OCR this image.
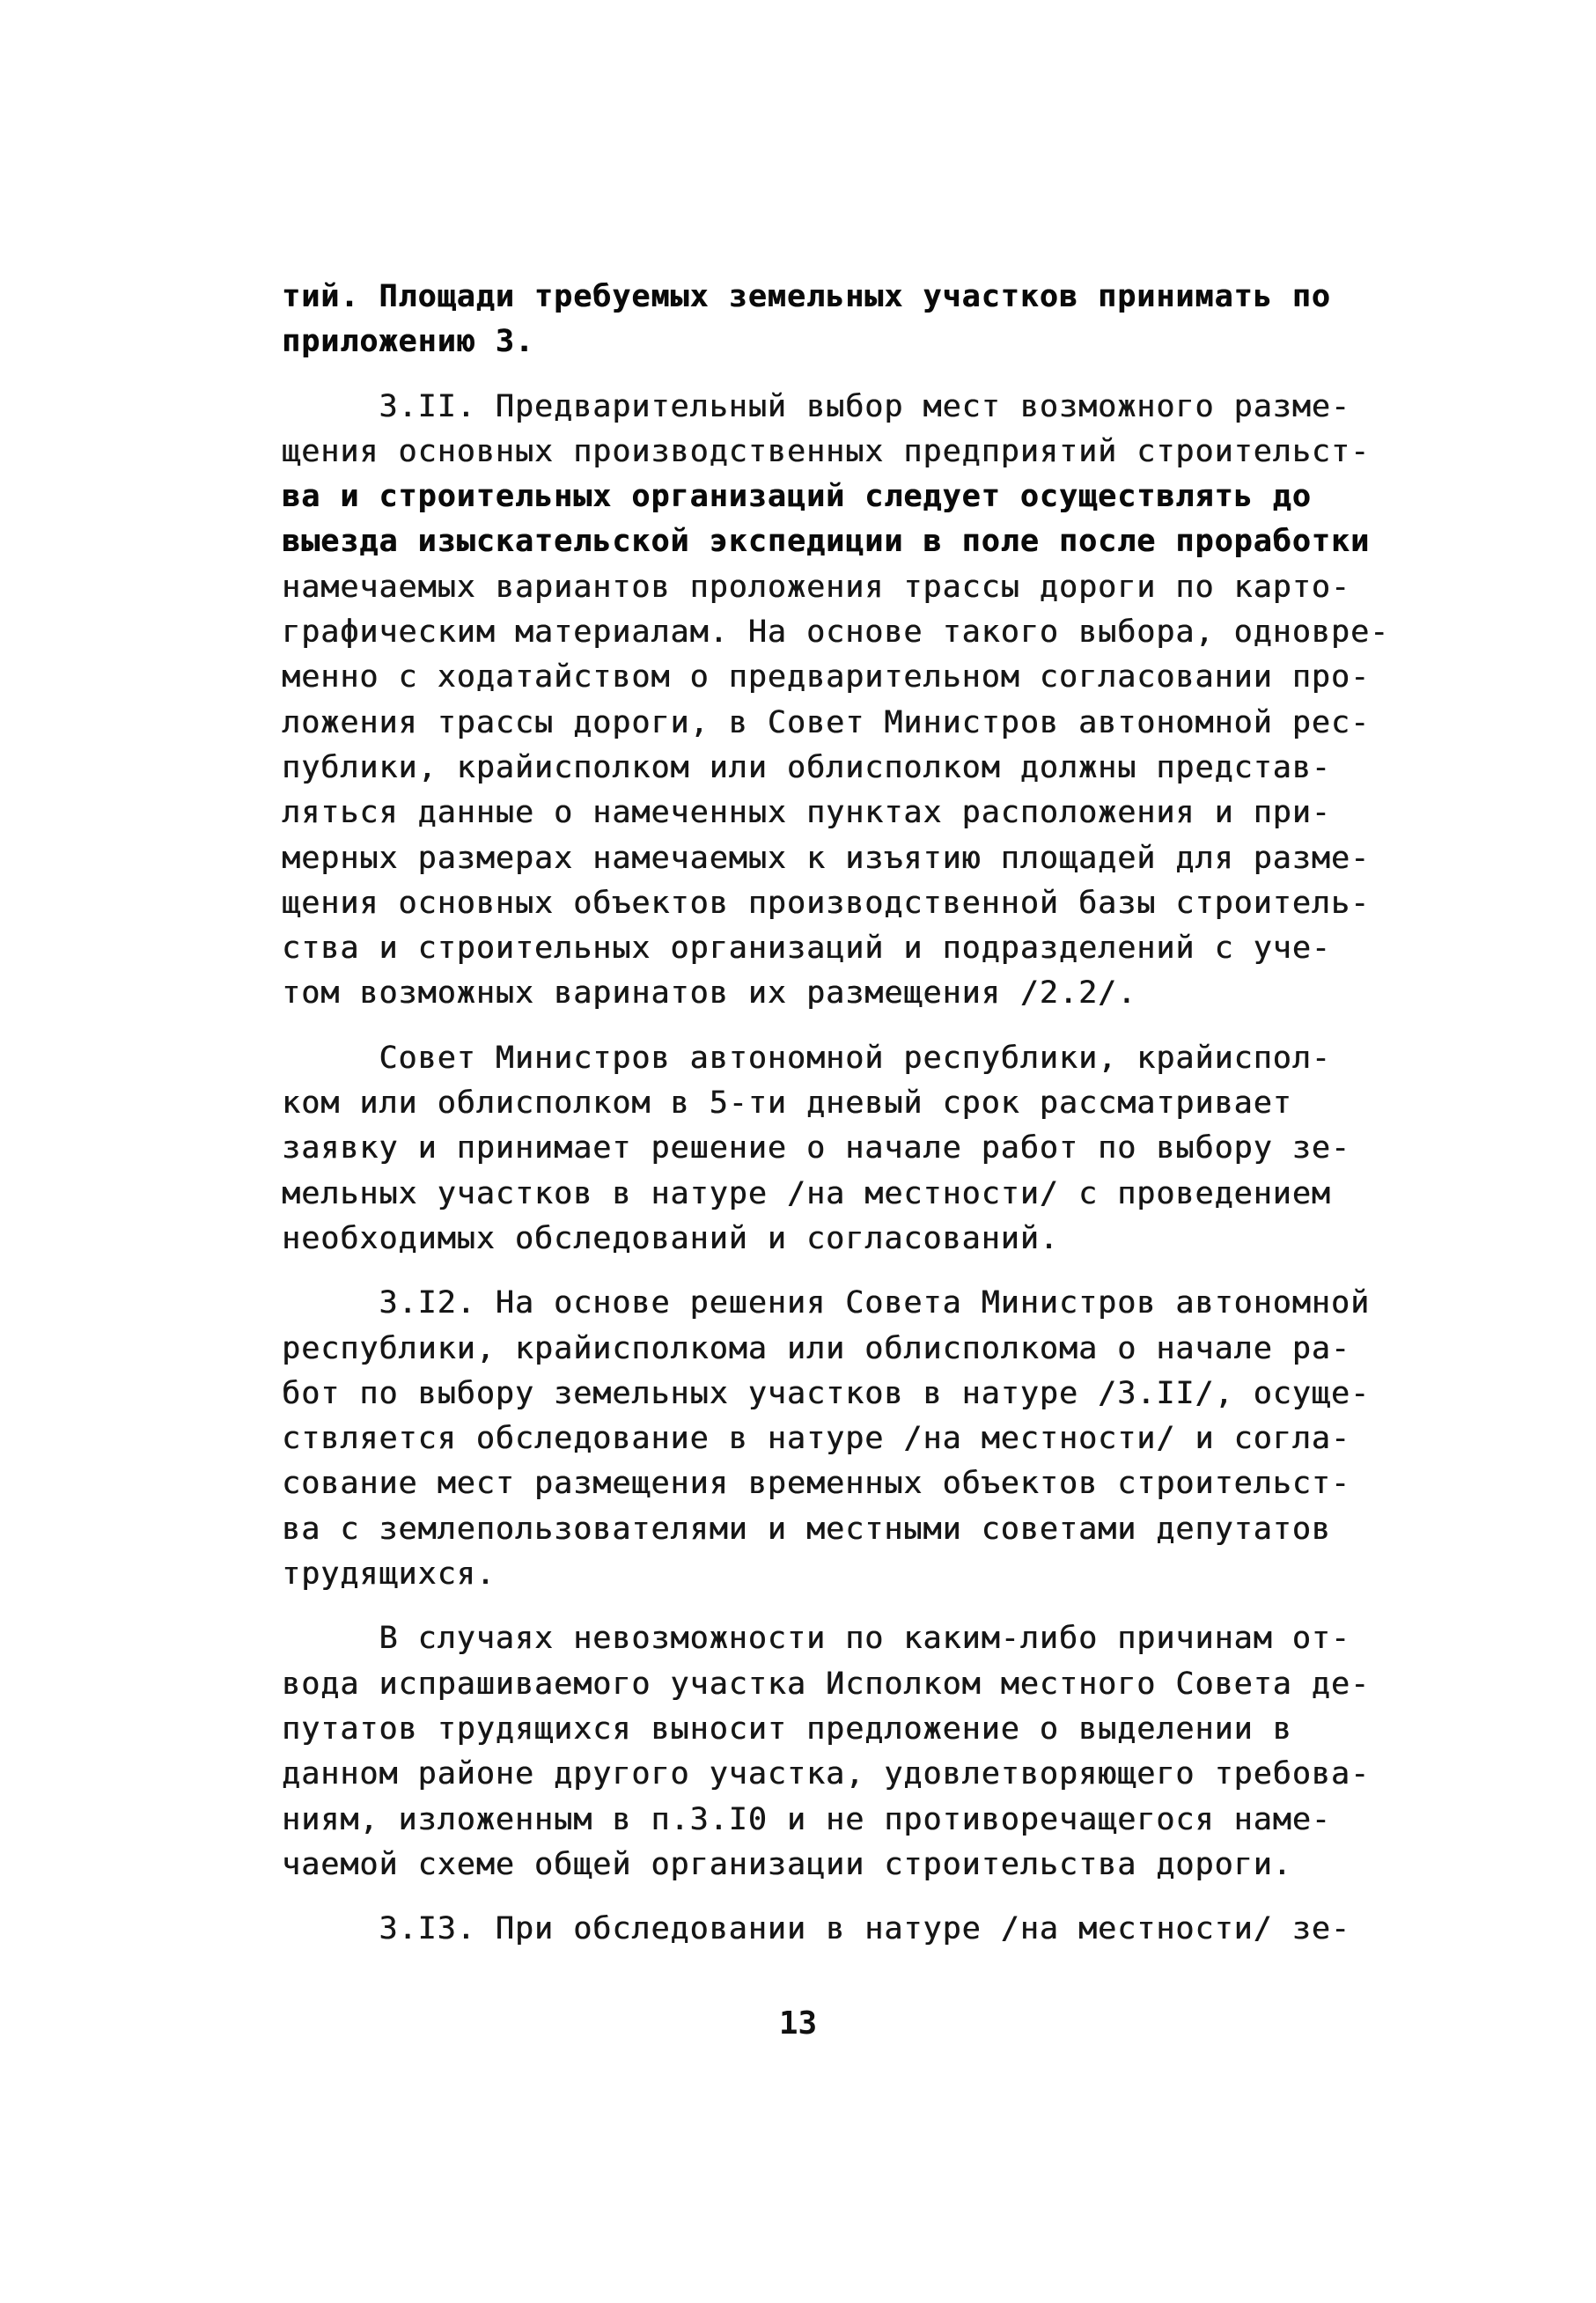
тий. Площади требуемых земельных участков принимать по
приложению 3.
3.II. Предварительный выбор мест возможного разме-
щения основных производственных предприятий строительст-
ва и строительных организаций следует осуществлять до
выезда изыскательской экспедиции в поле после проработки
намечаемых вариантов проложения трассы дороги по карто-
графическим материалам. На основе такого выбора, одновре-
менно с ходатайством о предварительном согласовании про-
ложения трассы дороги, в Совет Министров автономной рес-
публики, крайисполком или облисполком должны представ-
ляться данные о намеченных пунктах расположения и при-
мерных размерах намечаемых к изъятию площадей для разме-
щения основных объектов производственной базы строитель-
ства и строительных организаций и подразделений с уче-
том возможных варинатов их размещения /2.2/.
Совет Министров автономной республики, крайиспол-
ком или облисполком в 5-ти дневый срок рассматривает
заявку и принимает решение о начале работ по выбору зе-
мельных участков в натуре /на местности/ с проведением
необходимых обследований и согласований.
3.I2. На основе решения Совета Министров автономной
республики, крайисполкома или облисполкома о начале ра-
бот по выбору земельных участков в натуре /3.II/, осуще-
ствляется обследование в натуре /на местности/ и согла-
сование мест размещения временных объектов строительст-
ва с землепользователями и местными советами депутатов
трудящихся.
В случаях невозможности по каким-либо причинам от-
вода испрашиваемого участка Исполком местного Совета де-
путатов трудящихся выносит предложение о выделении в
данном районе другого участка, удовлетворяющего требова-
ниям, изложенным в п.3.I0 и не противоречащегося наме-
чаемой схеме общей организации строительства дороги.
3.I3. При обследовании в натуре /на местности/ зе-
13
